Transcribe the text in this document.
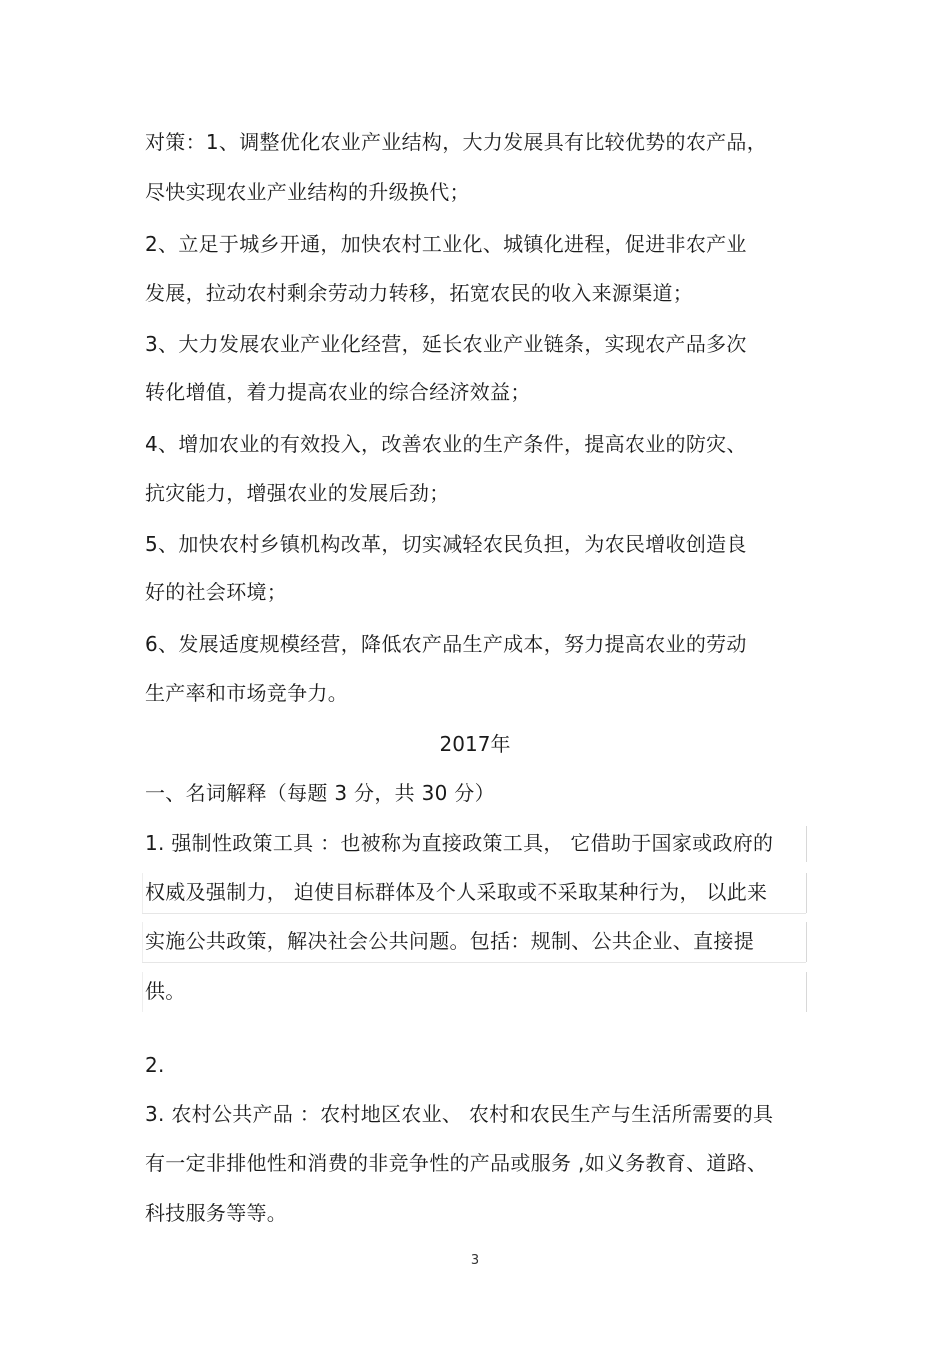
对策：1、调整优化农业产业结构，大力发展具有比较优势的农产品，
尽快实现农业产业结构的升级换代；
2、立足于城乡开通，加快农村工业化、城镇化进程，促进非农产业
发展，拉动农村剩余劳动力转移，拓宽农民的收入来源渠道；
3、大力发展农业产业化经营，延长农业产业链条，实现农产品多次
转化增值，着力提高农业的综合经济效益；
4、增加农业的有效投入，改善农业的生产条件，提高农业的防灾、
抗灾能力，增强农业的发展后劲；
5、加快农村乡镇机构改革，切实减轻农民负担，为农民增收创造良
好的社会环境；
6、发展适度规模经营，降低农产品生产成本，努力提高农业的劳动
生产率和市场竞争力。
2017年
一、名词解释（每题 3 分，共 30 分）
1. 强制性政策工具 ：也被称为直接政策工具， 它借助于国家或政府的
权威及强制力， 迫使目标群体及个人采取或不采取某种行为， 以此来
实施公共政策，解决社会公共问题。包括：规制、公共企业、直接提
供。
2.
3. 农村公共产品 ：农村地区农业、 农村和农民生产与生活所需要的具
有一定非排他性和消费的非竞争性的产品或服务 ,如义务教育、道路、
科技服务等等。
3
